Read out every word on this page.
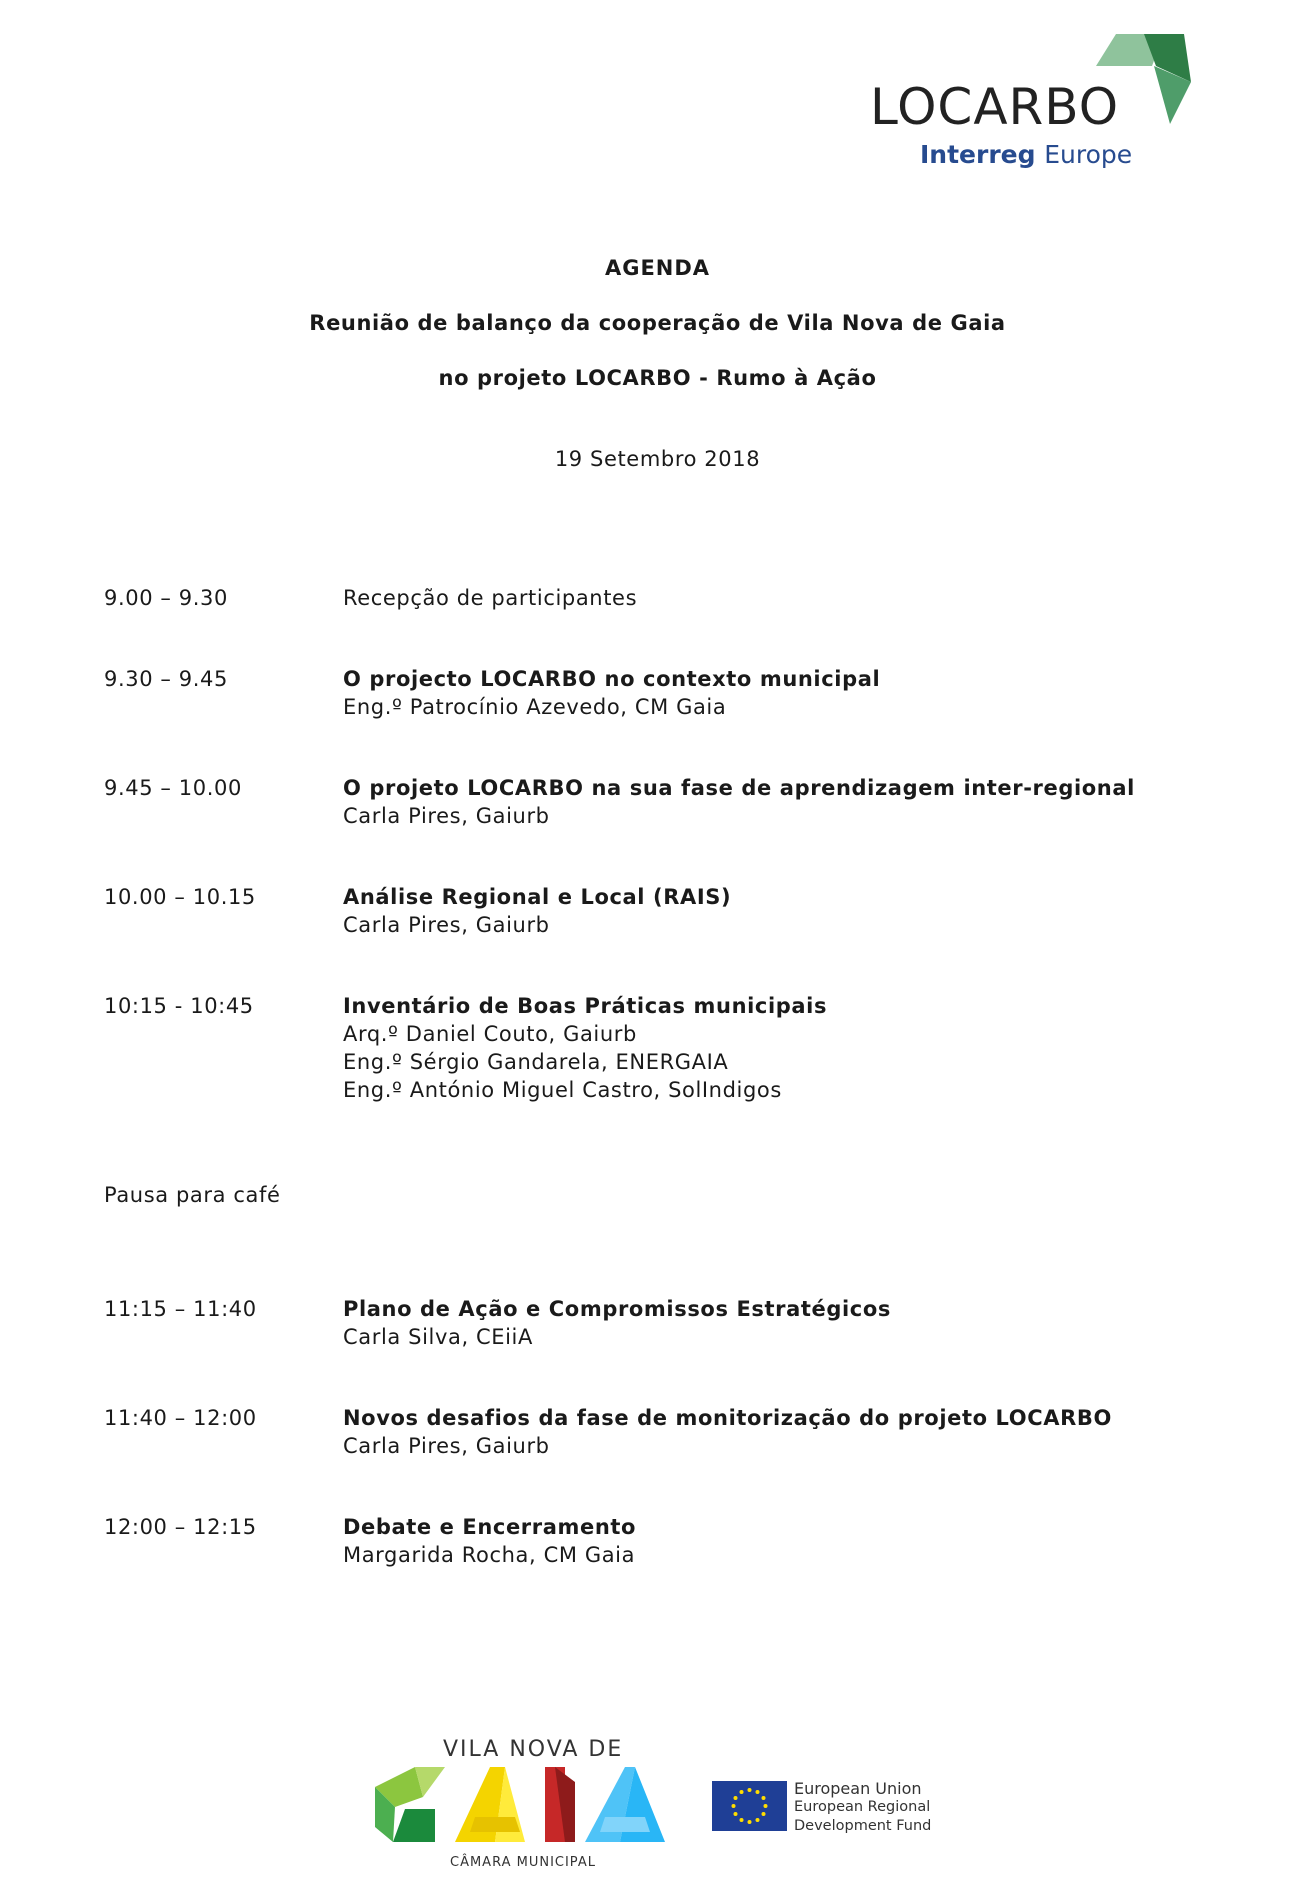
LOCARBO
Interreg Europe
AGENDA
Reunião de balanço da cooperação de Vila Nova de Gaia
no projeto LOCARBO - Rumo à Ação
19 Setembro 2018
9.00 – 9.30	Recepção de participantes
9.30 – 9.45	O projecto LOCARBO no contexto municipal
Eng.º Patrocínio Azevedo, CM Gaia
9.45 – 10.00	O projeto LOCARBO na sua fase de aprendizagem inter-regional
Carla Pires, Gaiurb
10.00 – 10.15	Análise Regional e Local (RAIS)
Carla Pires, Gaiurb
10:15 - 10:45	Inventário de Boas Práticas municipais
Arq.º Daniel Couto, Gaiurb
Eng.º Sérgio Gandarela, ENERGAIA
Eng.º António Miguel Castro, SolIndigos
Pausa para café
11:15 – 11:40	Plano de Ação e Compromissos Estratégicos
Carla Silva, CEiiA
11:40 – 12:00	Novos desafios da fase de monitorização do projeto LOCARBO
Carla Pires, Gaiurb
12:00 – 12:15	Debate e Encerramento
Margarida Rocha, CM Gaia
VILA NOVA DE
CÂMARA MUNICIPAL
European Union
European Regional
Development Fund
